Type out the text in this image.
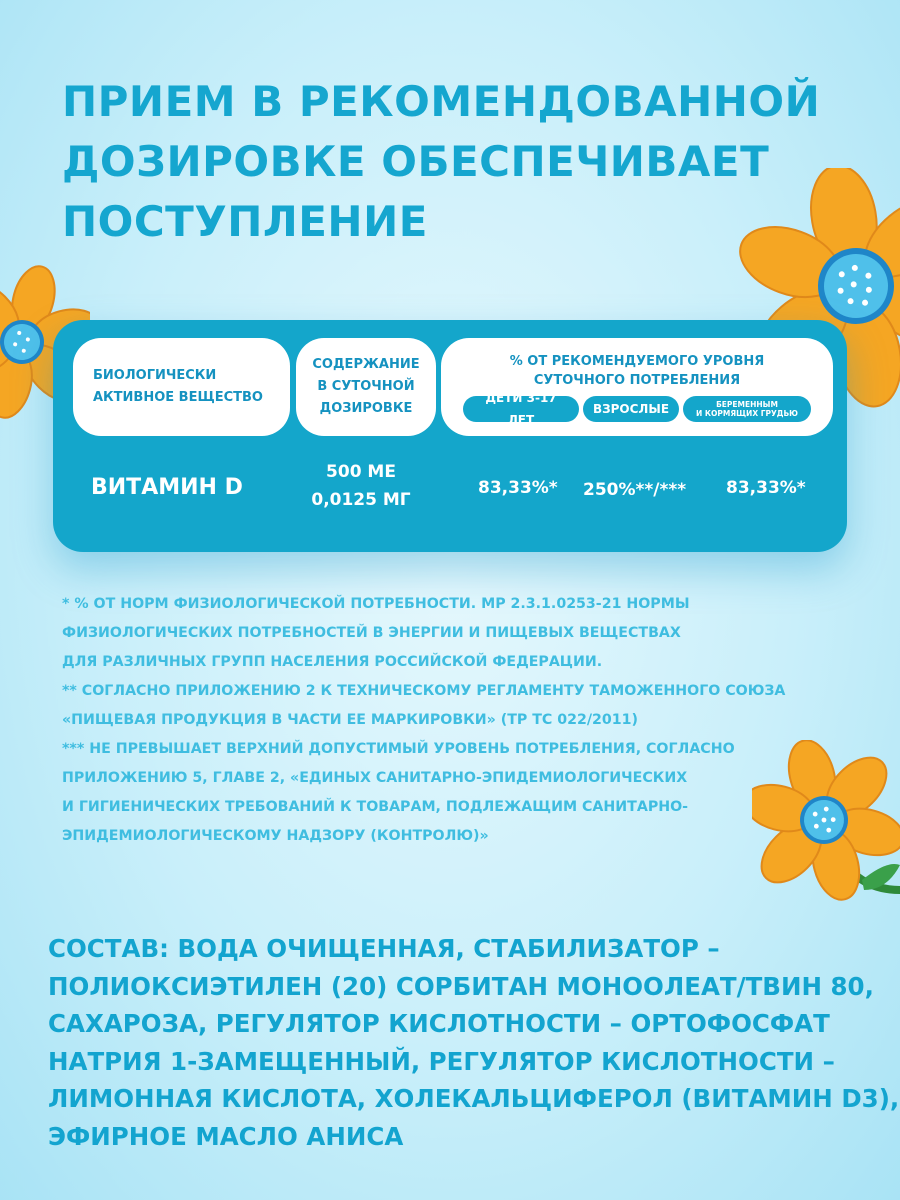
ПРИЕМ В РЕКОМЕНДОВАННОЙ
ДОЗИРОВКЕ ОБЕСПЕЧИВАЕТ
ПОСТУПЛЕНИЕ
БИОЛОГИЧЕСКИ
АКТИВНОЕ ВЕЩЕСТВО
СОДЕРЖАНИЕ
В СУТОЧНОЙ
ДОЗИРОВКЕ
% ОТ РЕКОМЕНДУЕМОГО УРОВНЯ
СУТОЧНОГО ПОТРЕБЛЕНИЯ
ДЕТИ 3-17 ЛЕТ
ВЗРОСЛЫЕ	БЕРЕМЕННЫМ
И КОРМЯЩИХ ГРУДЬЮ
ВИТАМИН D
500 МЕ
0,0125 МГ
83,33%* 250%**/*** 83,33%*

* % ОТ НОРМ ФИЗИОЛОГИЧЕСКОЙ ПОТРЕБНОСТИ. МР 2.3.1.0253-21 НОРМЫ

ФИЗИОЛОГИЧЕСКИХ ПОТРЕБНОСТЕЙ В ЭНЕРГИИ И ПИЩЕВЫХ ВЕЩЕСТВАХ

ДЛЯ РАЗЛИЧНЫХ ГРУПП НАСЕЛЕНИЯ РОССИЙСКОЙ ФЕДЕРАЦИИ.

** СОГЛАСНО ПРИЛОЖЕНИЮ 2 К ТЕХНИЧЕСКОМУ РЕГЛАМЕНТУ ТАМОЖЕННОГО СОЮЗА

«ПИЩЕВАЯ ПРОДУКЦИЯ В ЧАСТИ ЕЕ МАРКИРОВКИ» (ТР ТС 022/2011)

*** НЕ ПРЕВЫШАЕТ ВЕРХНИЙ ДОПУСТИМЫЙ УРОВЕНЬ ПОТРЕБЛЕНИЯ, СОГЛАСНО

ПРИЛОЖЕНИЮ 5, ГЛАВЕ 2, «ЕДИНЫХ САНИТАРНО-ЭПИДЕМИОЛОГИЧЕСКИХ

И ГИГИЕНИЧЕСКИХ ТРЕБОВАНИЙ К ТОВАРАМ, ПОДЛЕЖАЩИМ САНИТАРНО-

ЭПИДЕМИОЛОГИЧЕСКОМУ НАДЗОРУ (КОНТРОЛЮ)»

СОСТАВ: ВОДА ОЧИЩЕННАЯ, СТАБИЛИЗАТОР –

ПОЛИОКСИЭТИЛЕН (20) СОРБИТАН МОНООЛЕАТ/ТВИН 80,

САХАРОЗА, РЕГУЛЯТОР КИСЛОТНОСТИ – ОРТОФОСФАТ

НАТРИЯ 1-ЗАМЕЩЕННЫЙ, РЕГУЛЯТОР КИСЛОТНОСТИ –

ЛИМОННАЯ КИСЛОТА, ХОЛЕКАЛЬЦИФЕРОЛ (ВИТАМИН D3),

ЭФИРНОЕ МАСЛО АНИСА
